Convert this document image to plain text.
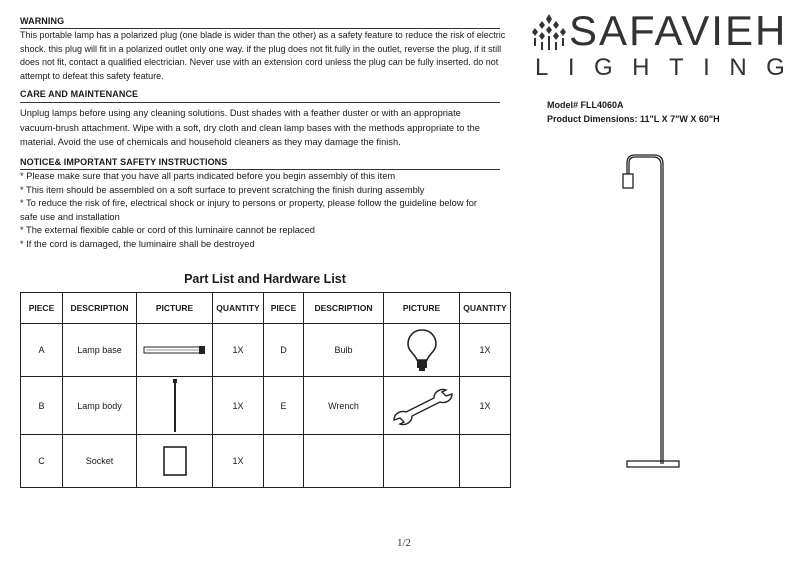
WARNING
This portable lamp has a polarized plug (one blade is wider than the other) as a safety feature to reduce the risk of electric
shock. this plug will fit in a polarized outlet only one way. if the plug does not fit fully in the outlet, reverse the plug, if it still
does not fit, contact a qualified electrician. Never use with an extension cord unless the plug can be fully inserted. do not
attempt to defeat this safety feature.
CARE AND MAINTENANCE
Unplug lamps before using any cleaning solutions. Dust shades with a feather duster or with an appropriate
vacuum-brush attachment. Wipe with a soft, dry cloth and clean lamp bases with the methods appropriate to the
material. Avoid the use of chemicals and household cleaners as they may damage the finish.
NOTICE& IMPORTANT SAFETY INSTRUCTIONS
* Please make sure that you have all parts indicated before you begin assembly of this item
* This item should be assembled on a soft surface to prevent scratching the finish during assembly
* To reduce the risk of fire, electrical shock or injury to persons or property, please follow the guideline below for
safe use and installation
* The external flexible cable or cord of this luminaire cannot be replaced
* If the cord is damaged, the luminaire shall be destroyed
SAFAVIEH
LIGHTING
Model# FLL4060A
Product Dimensions: 11"L X 7"W X 60"H
Part List and Hardware List
PIECE	DESCRIPTION	PICTURE	QUANTITY	PIECE	DESCRIPTION	PICTURE	QUANTITY
A	Lamp base		1X	D	Bulb		1X
B	Lamp body		1X	E	Wrench		1X
C	Socket		1X				
1/2
